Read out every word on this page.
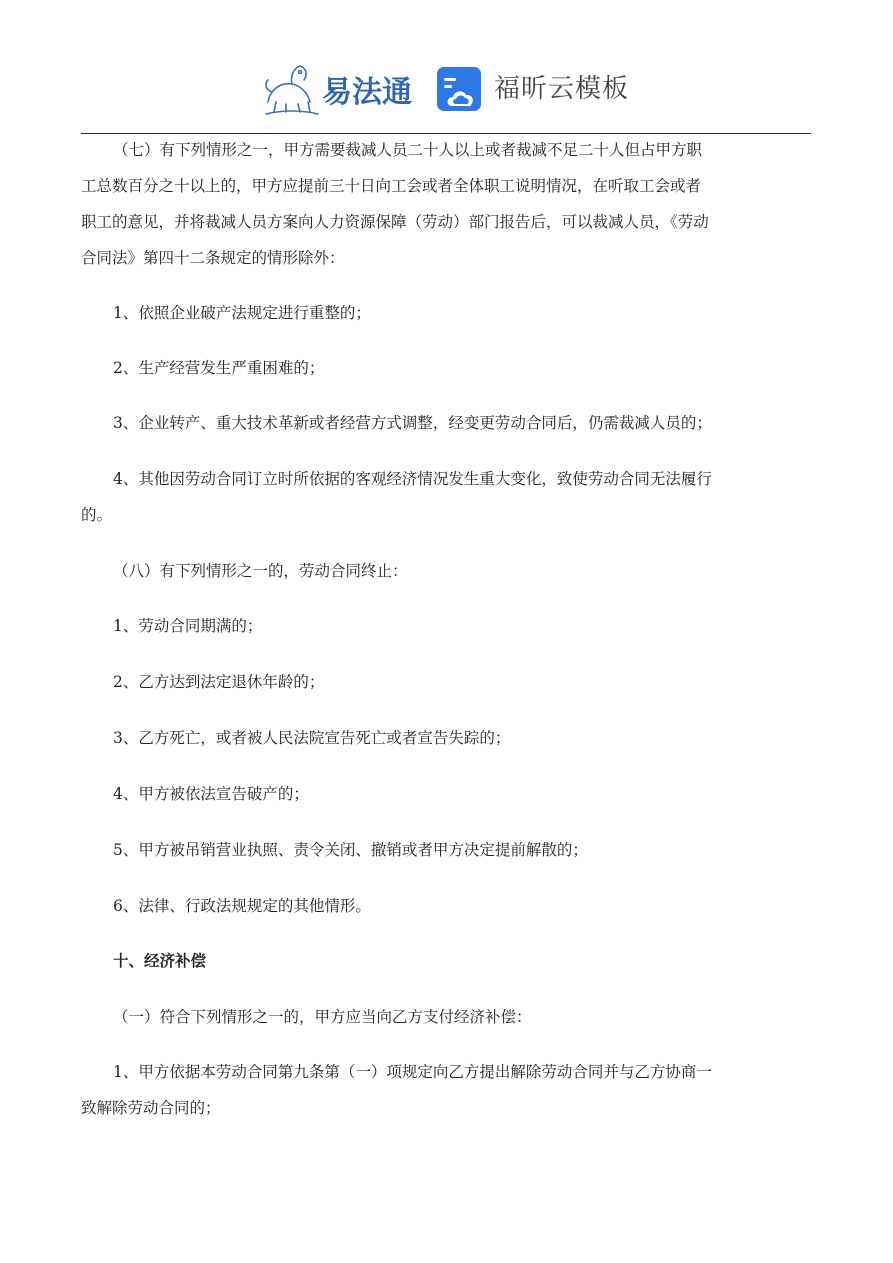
易法通	福昕云模板

（七）有下列情形之一，甲方需要裁减人员二十人以上或者裁减不足二十人但占甲方职
工总数百分之十以上的，甲方应提前三十日向工会或者全体职工说明情况，在听取工会或者
职工的意见，并将裁减人员方案向人力资源保障（劳动）部门报告后，可以裁减人员，《劳动
合同法》第四十二条规定的情形除外：

1、依照企业破产法规定进行重整的；

2、生产经营发生严重困难的；

3、企业转产、重大技术革新或者经营方式调整，经变更劳动合同后，仍需裁减人员的；

4、其他因劳动合同订立时所依据的客观经济情况发生重大变化，致使劳动合同无法履行
的。

（八）有下列情形之一的，劳动合同终止：

1、劳动合同期满的；

2、乙方达到法定退休年龄的；

3、乙方死亡，或者被人民法院宣告死亡或者宣告失踪的；

4、甲方被依法宣告破产的；

5、甲方被吊销营业执照、责令关闭、撤销或者甲方决定提前解散的；

6、法律、行政法规规定的其他情形。

十、经济补偿

（一）符合下列情形之一的，甲方应当向乙方支付经济补偿：

1、甲方依据本劳动合同第九条第（一）项规定向乙方提出解除劳动合同并与乙方协商一
致解除劳动合同的；
